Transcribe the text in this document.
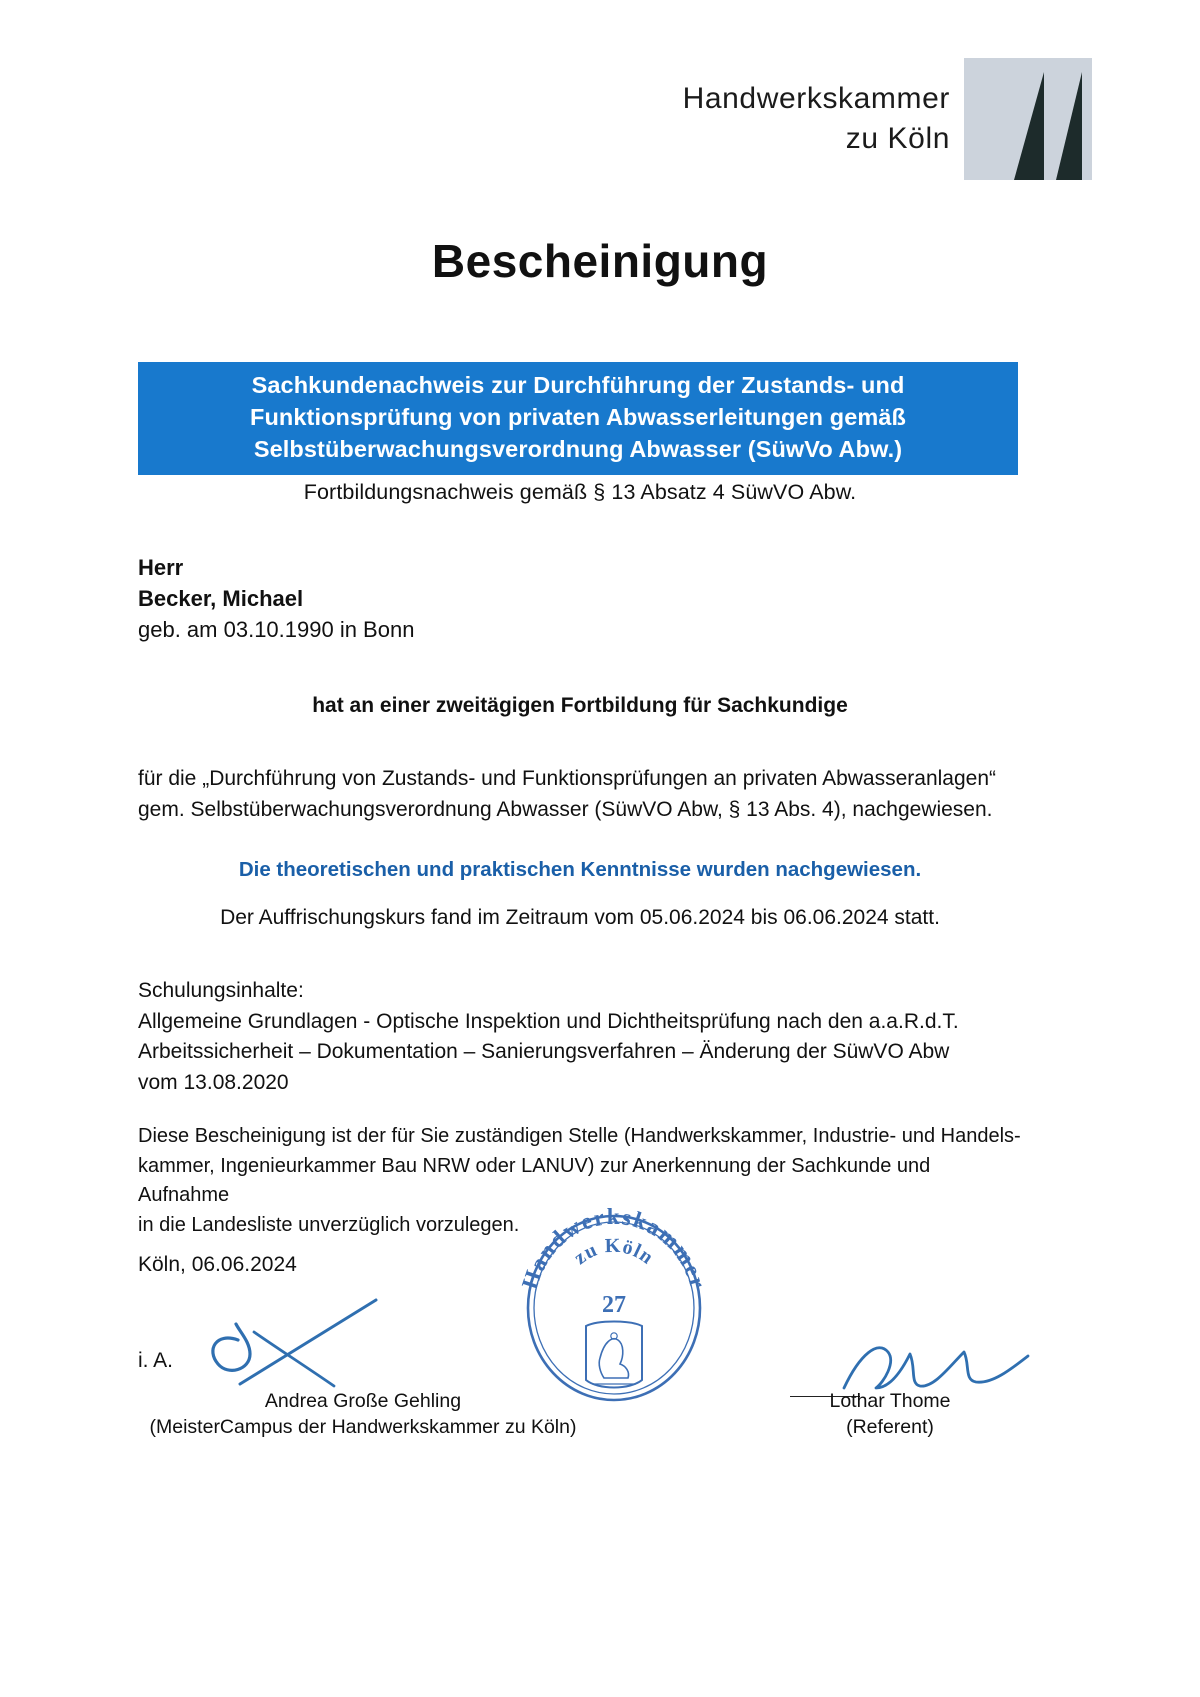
Handwerkskammer
zu Köln
Bescheinigung
Sachkundenachweis zur Durchführung der Zustands- und
Funktionsprüfung von privaten Abwasserleitungen gemäß
Selbstüberwachungsverordnung Abwasser (SüwVo Abw.)
Fortbildungsnachweis gemäß § 13 Absatz 4 SüwVO Abw.
Herr
Becker, Michael
geb. am 03.10.1990 in Bonn
hat an einer zweitägigen Fortbildung für Sachkundige
für die „Durchführung von Zustands- und Funktionsprüfungen an privaten Abwasseranlagen“
gem. Selbstüberwachungsverordnung Abwasser (SüwVO Abw, § 13 Abs. 4), nachgewiesen.
Die theoretischen und praktischen Kenntnisse wurden nachgewiesen.
Der Auffrischungskurs fand im Zeitraum vom 05.06.2024 bis 06.06.2024 statt.
Schulungsinhalte:
Allgemeine Grundlagen - Optische Inspektion und Dichtheitsprüfung nach den a.a.R.d.T.
Arbeitssicherheit – Dokumentation – Sanierungsverfahren – Änderung der SüwVO Abw
vom 13.08.2020
Diese Bescheinigung ist der für Sie zuständigen Stelle (Handwerkskammer, Industrie- und Handels-
kammer, Ingenieurkammer Bau NRW oder LANUV) zur Anerkennung der Sachkunde und Aufnahme
in die Landesliste unverzüglich vorzulegen.
Köln, 06.06.2024
i. A.
Handwerkskammer
zu Köln
27
Andrea Große Gehling
(MeisterCampus der Handwerkskammer zu Köln)
Lothar Thome
(Referent)
